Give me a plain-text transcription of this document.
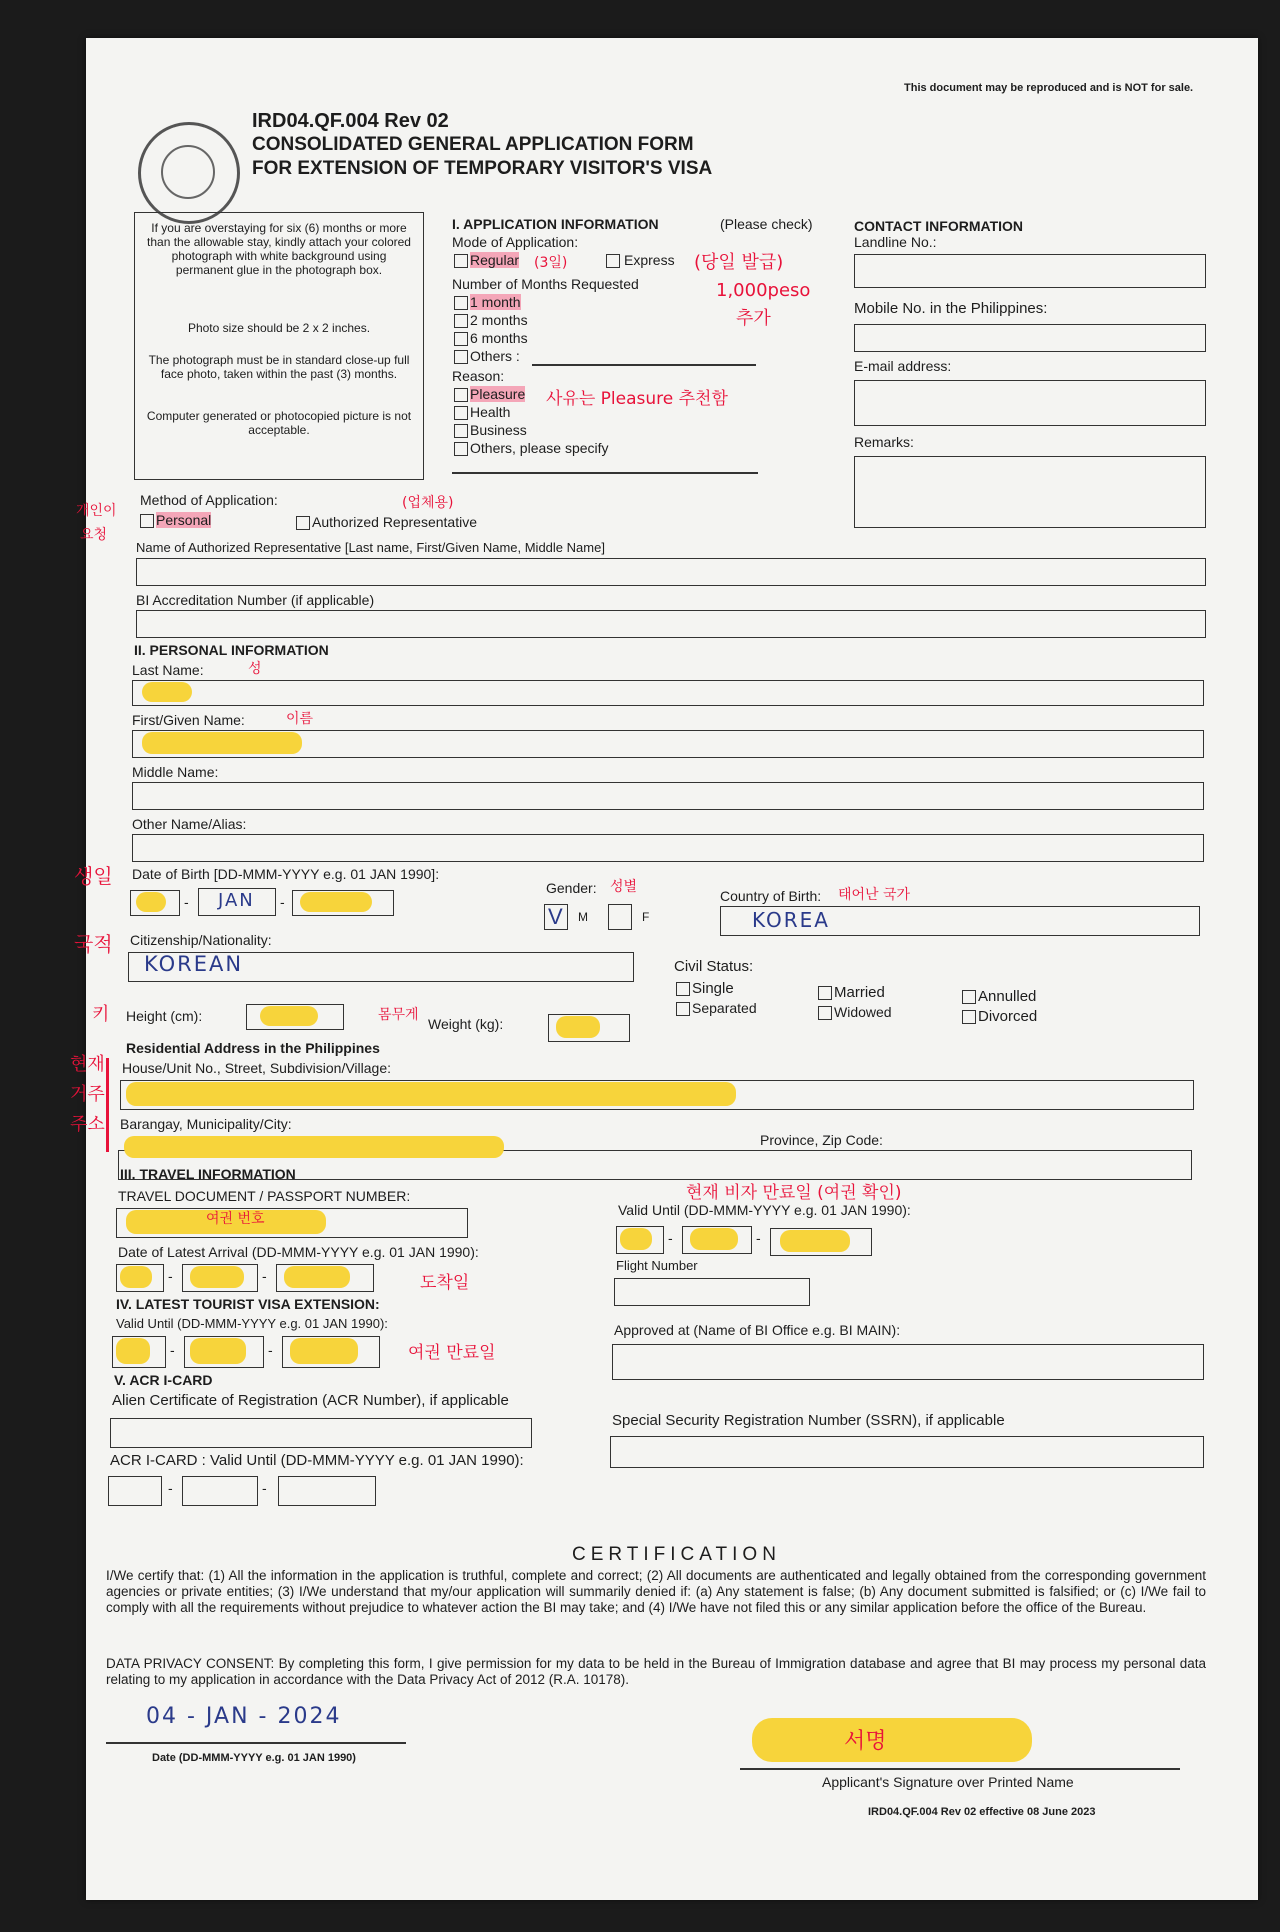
This document may be reproduced and is NOT for sale.
IRD04.QF.004 Rev 02
CONSOLIDATED GENERAL APPLICATION FORM
FOR EXTENSION OF TEMPORARY VISITOR'S VISA
If you are overstaying for six (6) months or more than the allowable stay, kindly attach your colored photograph with white background using permanent glue in the photograph box.
Photo size should be 2 x 2 inches.
The photograph must be in standard close-up full face photo, taken within the past (3) months.
Computer generated or photocopied picture is not acceptable.
I. APPLICATION INFORMATION	(Please check)
Mode of Application:
Regular (3일)	Express (당일 발급)
Number of Months Requested	1,000peso
추가
1 month
2 months
6 months
Others :
Reason:
Pleasure 사유는 Pleasure 추천함
Health
Business
Others, please specify
CONTACT INFORMATION
Landline No.:
Mobile No. in the Philippines:
E-mail address:
Remarks:
개인이
요청
Method of Application:	(업체용)
Personal	Authorized Representative
Name of Authorized Representative [Last name, First/Given Name, Middle Name]
BI Accreditation Number (if applicable)
II. PERSONAL INFORMATION
Last Name:	성
First/Given Name:	이름
Middle Name:
Other Name/Alias:
생일 Date of Birth [DD-MMM-YYYY e.g. 01 JAN 1990]:
- JAN -
Gender: 성별
V M	F
Country of Birth: 태어난 국가
KOREA
국적 Citizenship/Nationality:
KOREAN	Civil Status:
Single
Separated
Married
Widowed
Annulled
Divorced
키 Height (cm):	몸무게
Weight (kg):
현재
거주
주소
Residential Address in the Philippines
House/Unit No., Street, Subdivision/Village:
Barangay, Municipality/City:
Province, Zip Code:
III. TRAVEL INFORMATION
TRAVEL DOCUMENT / PASSPORT NUMBER:
여권 번호
현재 비자 만료일 (여권 확인)
Valid Until (DD-MMM-YYYY e.g. 01 JAN 1990):
-	-
Date of Latest Arrival (DD-MMM-YYYY e.g. 01 JAN 1990):
-	-	도착일
Flight Number
IV. LATEST TOURIST VISA EXTENSION:
Valid Until (DD-MMM-YYYY e.g. 01 JAN 1990):
-	-	여권 만료일
Approved at (Name of BI Office e.g. BI MAIN):
V. ACR I-CARD
Alien Certificate of Registration (ACR Number), if applicable
Special Security Registration Number (SSRN), if applicable
ACR I-CARD : Valid Until (DD-MMM-YYYY e.g. 01 JAN 1990):
-	-
CERTIFICATION

I/We certify that: (1) All the information in the application is truthful, complete and correct; (2) All documents are authenticated and legally obtained from the corresponding government agencies or private entities; (3) I/We understand that my/our application will summarily denied if: (a) Any statement is false; (b) Any document submitted is falsified; or (c) I/We fail to comply with all the requirements without prejudice to whatever action the BI may take; and (4) I/We have not filed this or any similar application before the office of the Bureau.

DATA PRIVACY CONSENT: By completing this form, I give permission for my data to be held in the Bureau of Immigration database and agree that BI may process my personal data relating to my application in accordance with the Data Privacy Act of 2012 (R.A. 10178).

04 - JAN - 2024
Date (DD-MMM-YYYY e.g. 01 JAN 1990)
서명
Applicant's Signature over Printed Name
IRD04.QF.004 Rev 02 effective 08 June 2023
